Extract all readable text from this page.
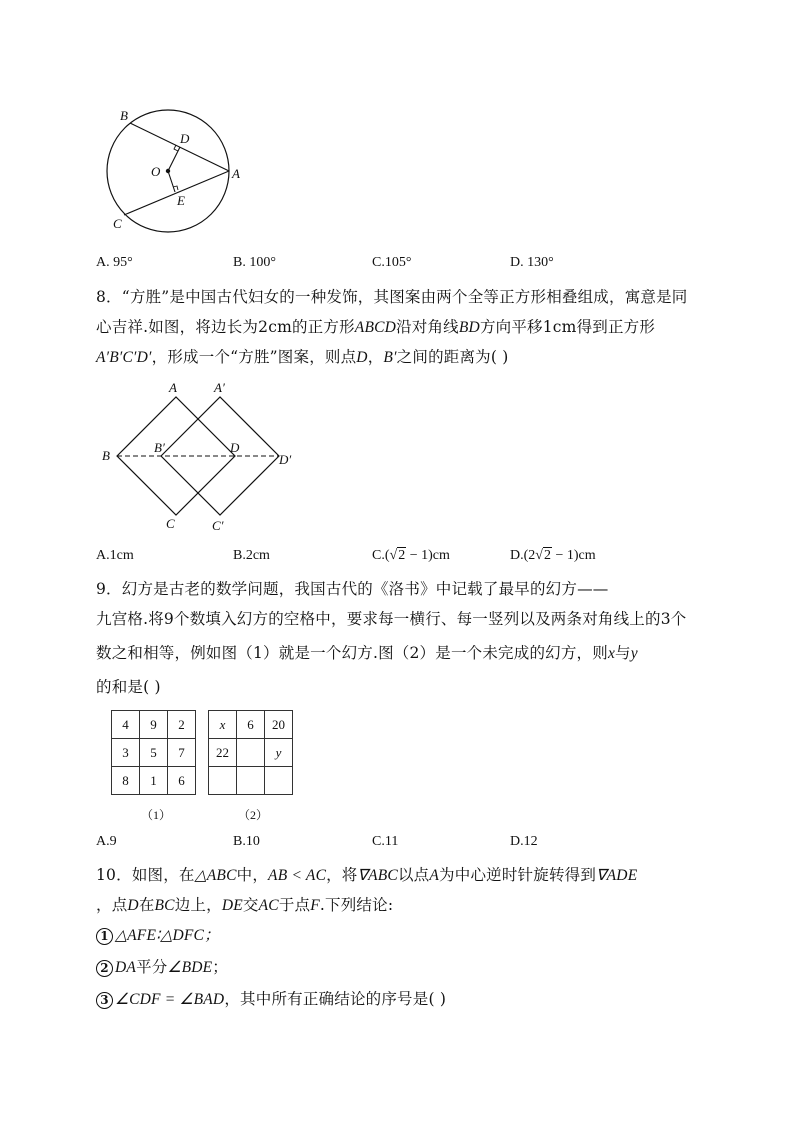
B
D
O	A
E
C
A. 95°	B. 100°	C.105°	D. 130°
8．“方胜”是中国古代妇女的一种发饰，其图案由两个全等正方形相叠组成，寓意是同
心吉祥.如图，将边长为2cm的正方形ABCD沿对角线BD方向平移1cm得到正方形
A′B′C′D′，形成一个“方胜”图案，则点D，B′之间的距离为( )
A	A′
B
B′	D
D′
C	C′
A.1cm	B.2cm	C.(√2 − 1)cm	D.(2√2 − 1)cm
9．幻方是古老的数学问题，我国古代的《洛书》中记载了最早的幻方——
九宫格.将9个数填入幻方的空格中，要求每一横行、每一竖列以及两条对角线上的3个
数之和相等，例如图（1）就是一个幻方.图（2）是一个未完成的幻方，则x与y
的和是( )
4	9	2
3	5	7
8	1	6
x	6	20
22		y

（1）	（2）
A.9	B.10	C.11	D.12
10．如图，在△ABC中，AB < AC，将∇ABC以点A为中心逆时针旋转得到∇ADE
，点D在BC边上，DE交AC于点F.下列结论:
1 △AFE∶△DFC；
2 DA平分∠BDE；
3 ∠CDF = ∠BAD，其中所有正确结论的序号是( )
